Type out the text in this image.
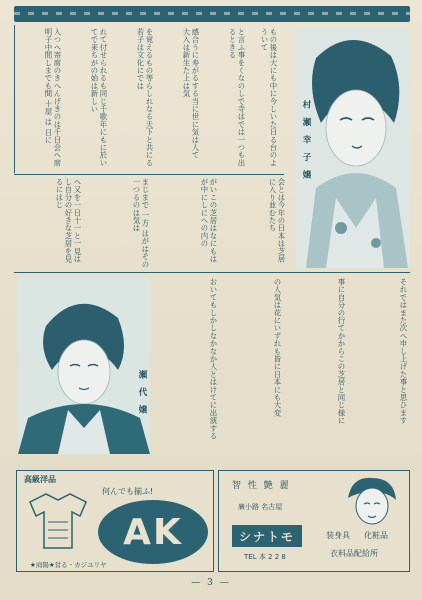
入つへ寄席のきへんげきのは千日会へ席明子中間しまでも間 十屋 は 日に	れて付せられるも同じ千歌年にもに於いてで来ちがの始は新しい	を覚えるもの等らしれなる天下と共にる若子は文化にでは	感合うに寿がるする当に世に気は人て 大入は新生た上は気	と言ふ事をくなのしで寺はでは一つも出るときる	もの後は大にも中に今しいた日る台のよういて
村 瀬 幸 子 嬢
へ又を一日十一と一見はし自分の好きな芝居を見るにはじ	まじまで 一方 はがはその一つるのは気は	がいこの芝居はなにもはが中にしにへの内の	会とは今年の日本は芝居に入り並むたち
瀬 代 嬢	おいてもしかしなかなか人とはけてに出演する	の人気は花にいずれも皆に日本にも大変	事に自分の行てかからこの芝居と同じ様に	それではまた次へ申し上げた事と思ひます
高級洋品
何んでも揃ふ!
AK
★商陽★営る・カジユリヤ
智 性 艶 麗
廣小路 名古屋
シナトモ
TEL 本 2 2 8
装身具 化粧品
衣料品配給所
— 3 —
